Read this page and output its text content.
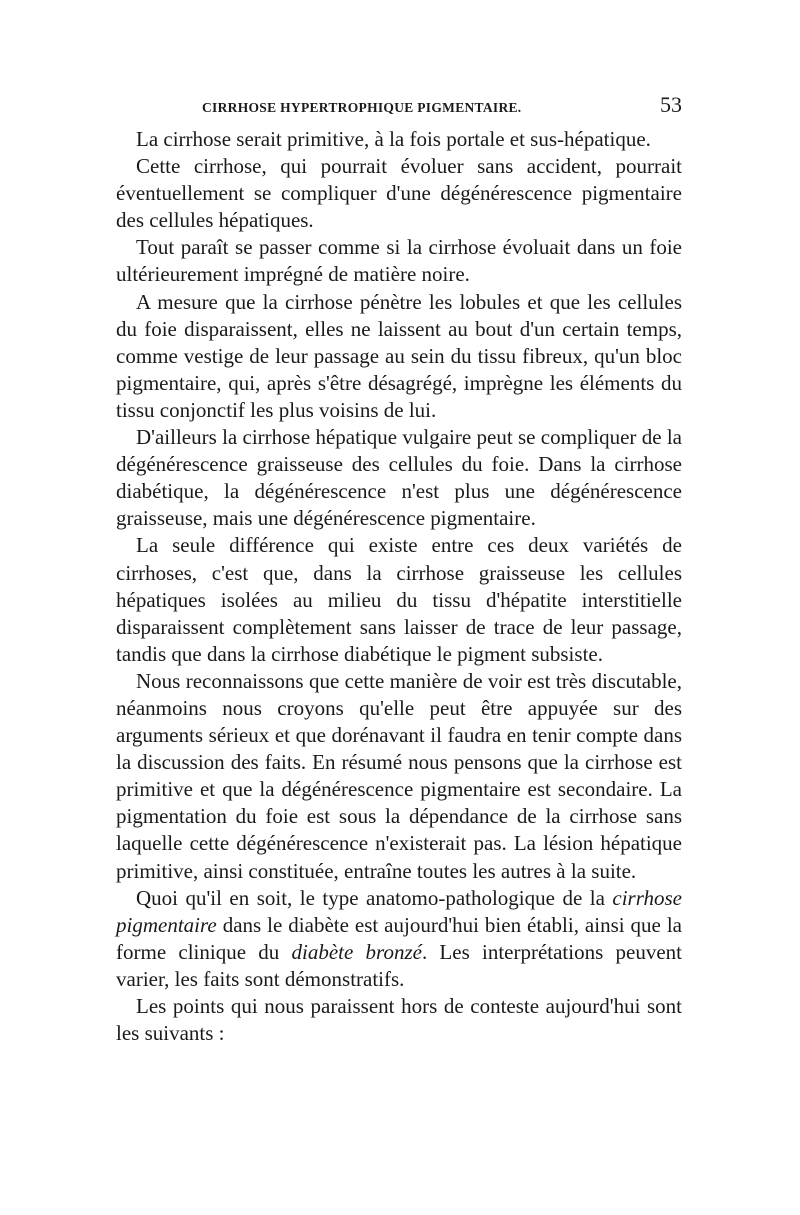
CIRRHOSE HYPERTROPHIQUE PIGMENTAIRE.	53

La cirrhose serait primitive, à la fois portale et sus-hépatique.

Cette cirrhose, qui pourrait évoluer sans accident, pourrait éventuellement se compliquer d'une dégénérescence pigmentaire des cellules hépatiques.

Tout paraît se passer comme si la cirrhose évoluait dans un foie ultérieurement imprégné de matière noire.

A mesure que la cirrhose pénètre les lobules et que les cellules du foie disparaissent, elles ne laissent au bout d'un certain temps, comme vestige de leur passage au sein du tissu fibreux, qu'un bloc pigmentaire, qui, après s'être désagrégé, imprègne les éléments du tissu conjonctif les plus voisins de lui.

D'ailleurs la cirrhose hépatique vulgaire peut se compliquer de la dégénérescence graisseuse des cellules du foie. Dans la cirrhose diabétique, la dégénérescence n'est plus une dégénérescence graisseuse, mais une dégénérescence pigmentaire.

La seule différence qui existe entre ces deux variétés de cirrhoses, c'est que, dans la cirrhose graisseuse les cellules hépatiques isolées au milieu du tissu d'hépatite interstitielle disparaissent complètement sans laisser de trace de leur passage, tandis que dans la cirrhose diabétique le pigment subsiste.

Nous reconnaissons que cette manière de voir est très discutable, néanmoins nous croyons qu'elle peut être appuyée sur des arguments sérieux et que dorénavant il faudra en tenir compte dans la discussion des faits. En résumé nous pensons que la cirrhose est primitive et que la dégénérescence pigmentaire est secondaire. La pigmentation du foie est sous la dépendance de la cirrhose sans laquelle cette dégénérescence n'existerait pas. La lésion hépatique primitive, ainsi constituée, entraîne toutes les autres à la suite.

Quoi qu'il en soit, le type anatomo-pathologique de la cirrhose pigmentaire dans le diabète est aujourd'hui bien établi, ainsi que la forme clinique du diabète bronzé. Les interprétations peuvent varier, les faits sont démonstratifs.

Les points qui nous paraissent hors de conteste aujourd'hui sont les suivants :
